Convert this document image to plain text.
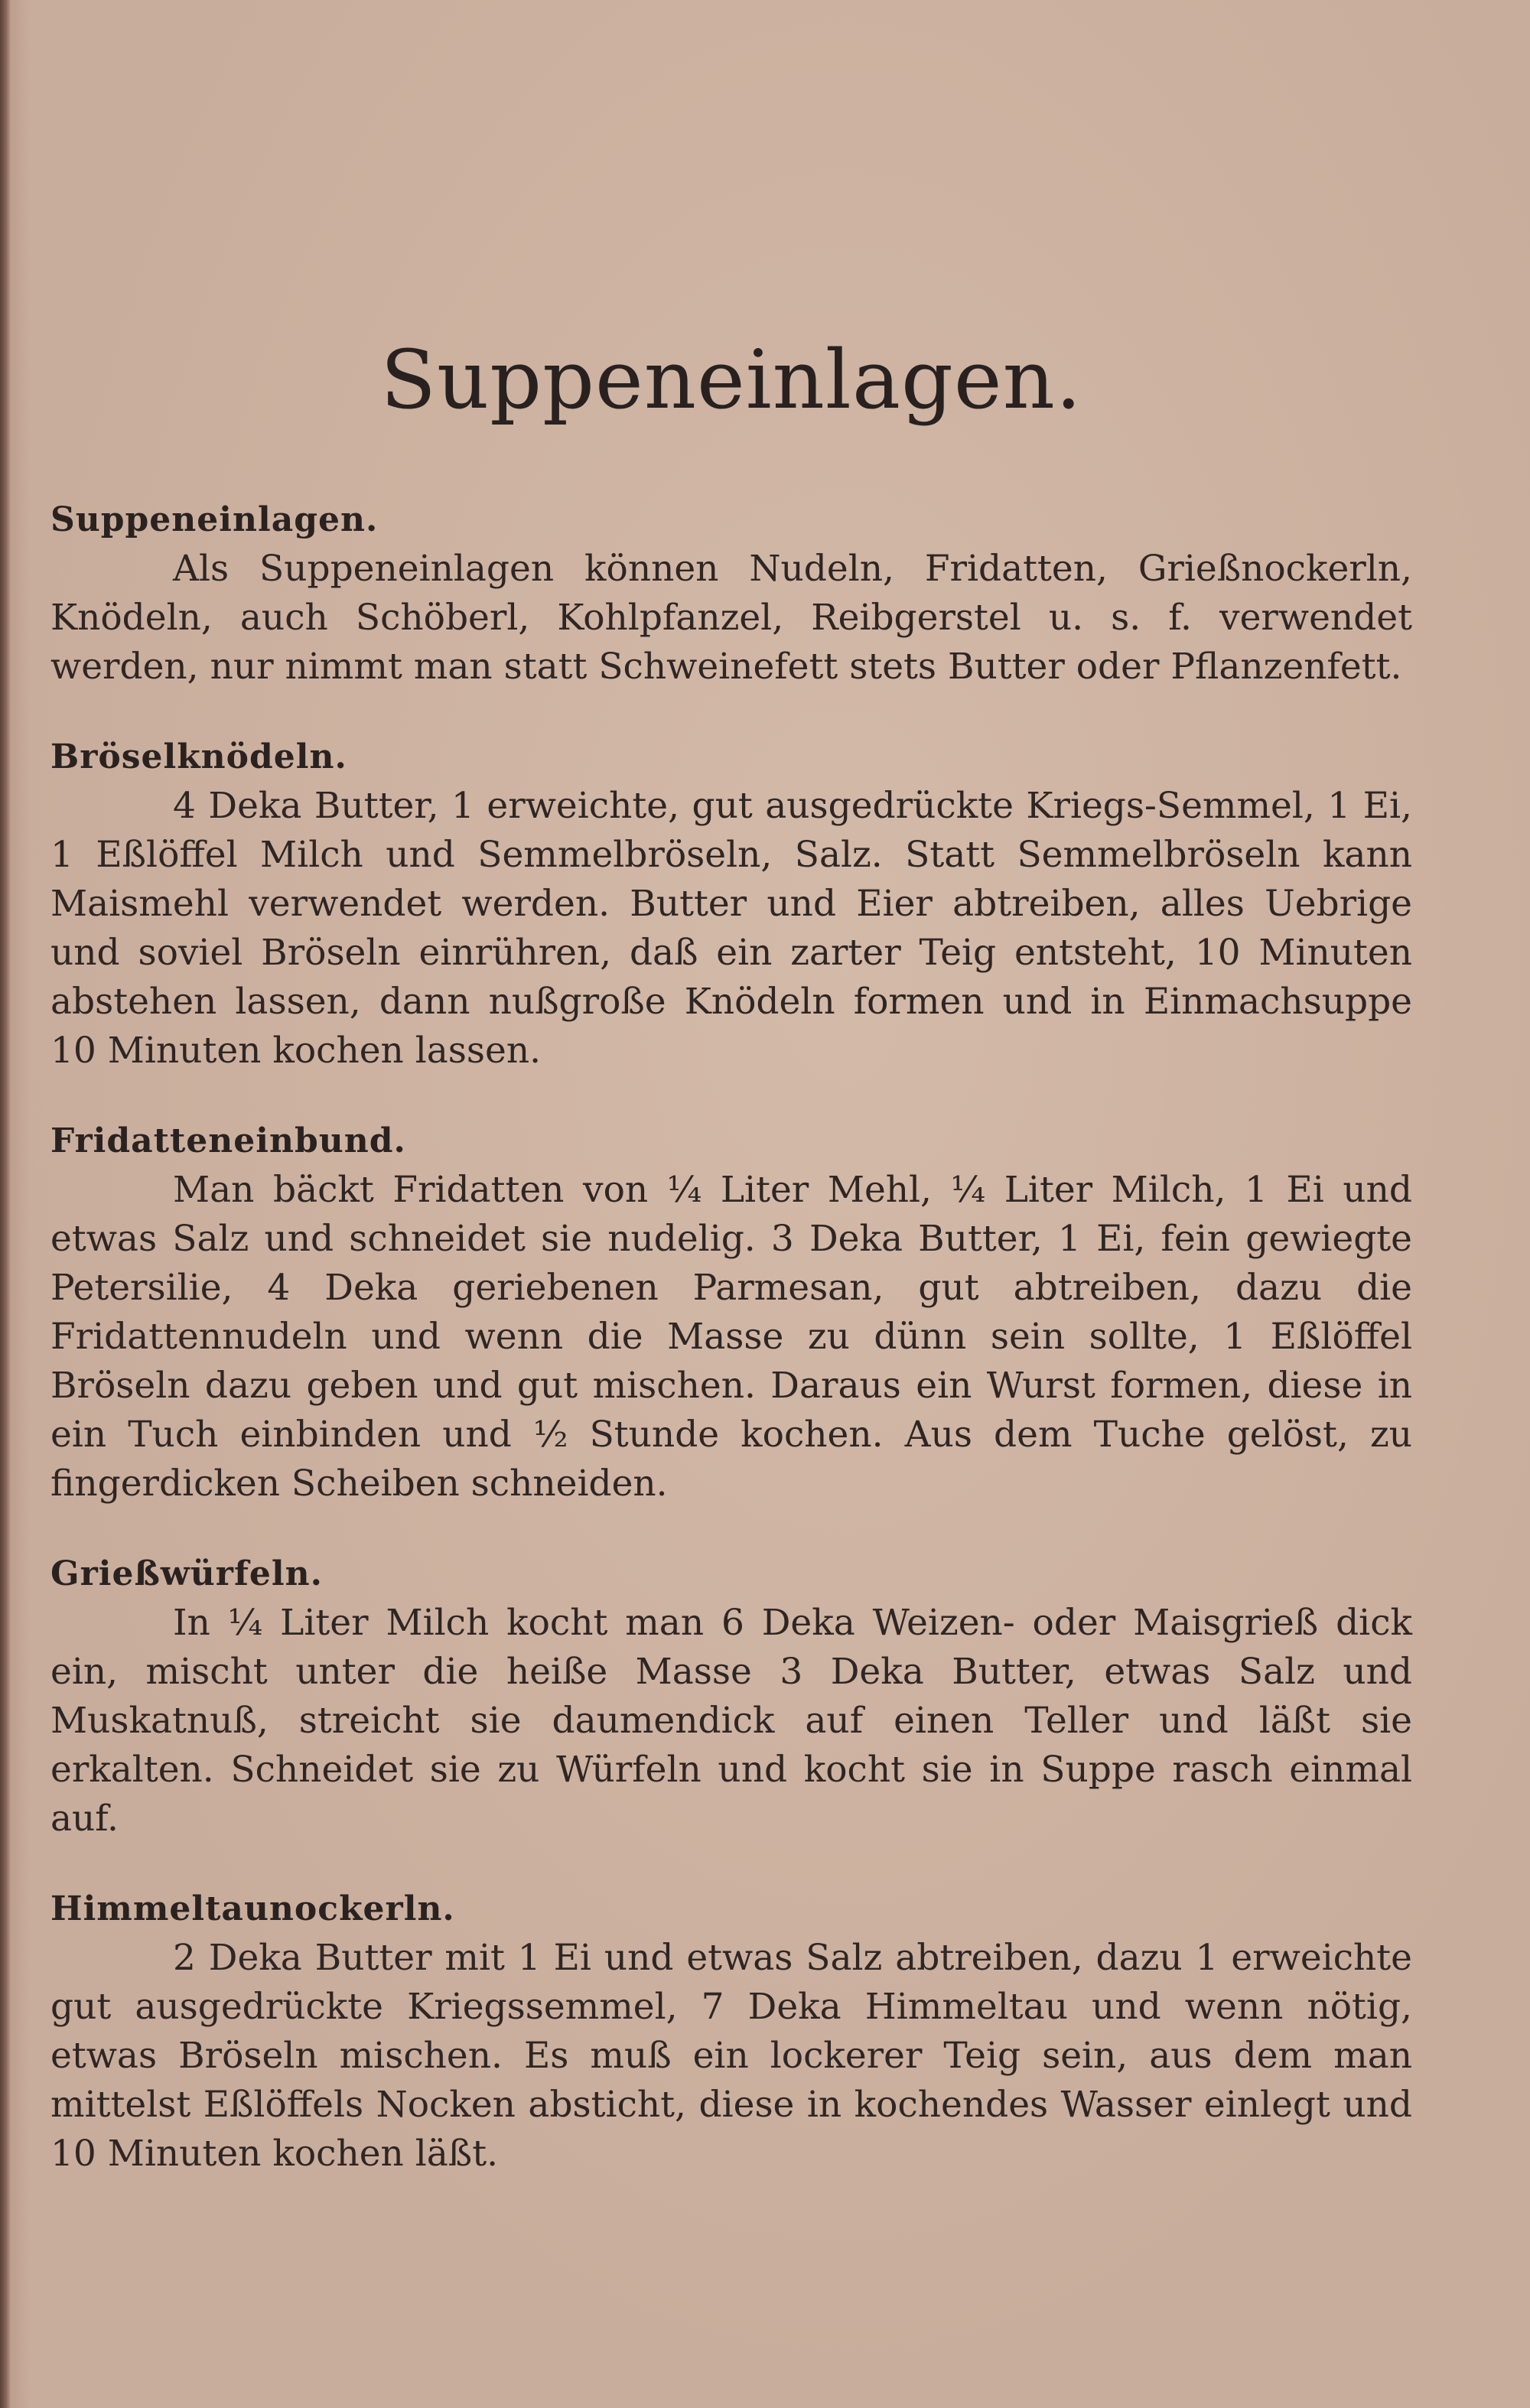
Suppeneinlagen.
Suppeneinlagen.

Als Suppeneinlagen können Nudeln, Fridatten, Grießnockerln, Knödeln, auch Schöberl, Kohlpfanzel, Reibgerstel u. s. f. verwendet werden, nur nimmt man statt Schweinefett stets Butter oder Pflanzenfett.

Bröselknödeln.

4 Deka Butter, 1 erweichte, gut ausgedrückte Kriegs-Semmel, 1 Ei, 1 Eßlöffel Milch und Semmelbröseln, Salz. Statt Semmelbröseln kann Maismehl verwendet werden. Butter und Eier abtreiben, alles Uebrige und soviel Bröseln einrühren, daß ein zarter Teig entsteht, 10 Minuten abstehen lassen, dann nußgroße Knödeln formen und in Einmachsuppe 10 Minuten kochen lassen.

Fridatteneinbund.

Man bäckt Fridatten von ¼ Liter Mehl, ¼ Liter Milch, 1 Ei und etwas Salz und schneidet sie nudelig. 3 Deka Butter, 1 Ei, fein gewiegte Petersilie, 4 Deka geriebenen Parmesan, gut abtreiben, dazu die Fridattennudeln und wenn die Masse zu dünn sein sollte, 1 Eßlöffel Bröseln dazu geben und gut mischen. Daraus ein Wurst formen, diese in ein Tuch einbinden und ½ Stunde kochen. Aus dem Tuche gelöst, zu fingerdicken Scheiben schneiden.

Grießwürfeln.

In ¼ Liter Milch kocht man 6 Deka Weizen- oder Maisgrieß dick ein, mischt unter die heiße Masse 3 Deka Butter, etwas Salz und Muskatnuß, streicht sie daumendick auf einen Teller und läßt sie erkalten. Schneidet sie zu Würfeln und kocht sie in Suppe rasch einmal auf.

Himmeltaunockerln.

2 Deka Butter mit 1 Ei und etwas Salz abtreiben, dazu 1 erweichte gut ausgedrückte Kriegssemmel, 7 Deka Himmeltau und wenn nötig, etwas Bröseln mischen. Es muß ein lockerer Teig sein, aus dem man mittelst Eßlöffels Nocken absticht, diese in kochendes Wasser einlegt und 10 Minuten kochen läßt.
